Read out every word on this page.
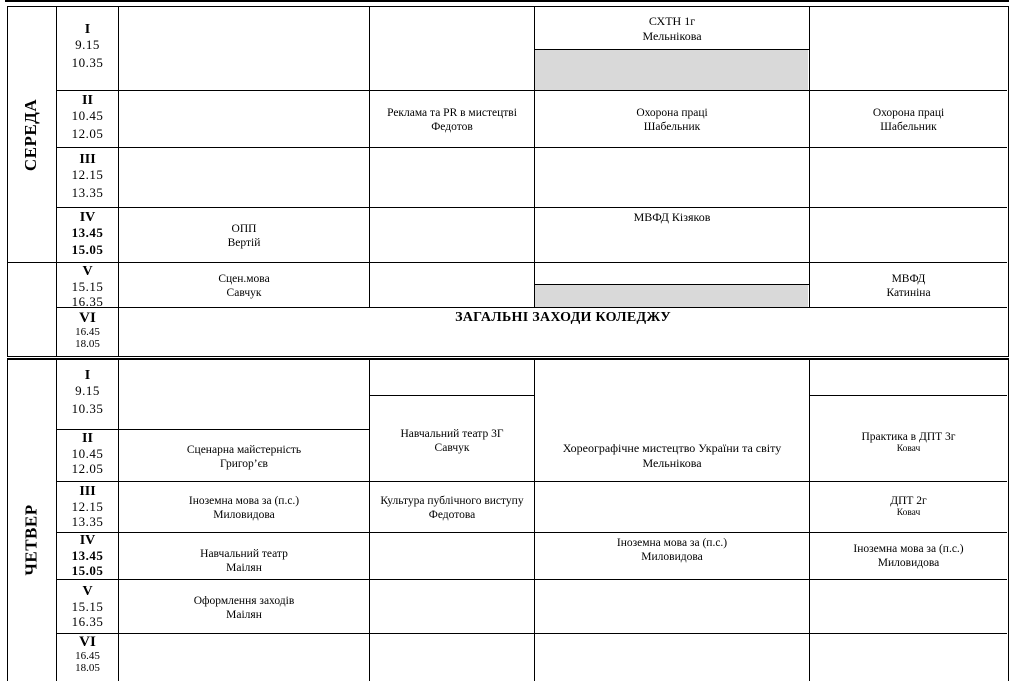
СЕРЕДА
I
9.15
10.35
II
10.45
12.05
III
12.15
13.35
IV
13.45
15.05
V
15.15
16.35
VI
16.45
18.05
СХТН 1г
Мельнікова
Реклама та PR в мистецтві
Федотов
Охорона праці
Шабельник
Охорона праці
Шабельник
ОПП
Вертій
МВФД Кізяков
Сцен.мова
Савчук
МВФД
Катиніна
ЗАГАЛЬНІ ЗАХОДИ КОЛЕДЖУ
ЧЕТВЕР
I
9.15
10.35
II
10.45
12.05
III
12.15
13.35
IV
13.45
15.05
V
15.15
16.35
VI
16.45
18.05
Сценарна майстерність
Григор’єв
Навчальний театр 3Г
Савчук	Хореографічне мистецтво України та світу
Мельнікова
Практика в ДПТ 3г
Ковач
Іноземна мова за (п.с.)
Миловидова
Культура публічного виступу
Федотова
ДПТ 2г
Ковач
Навчальний театр
Маілян
Іноземна мова за (п.с.)
Миловидова
Іноземна мова за (п.с.)
Миловидова
Оформлення заходів
Маілян
